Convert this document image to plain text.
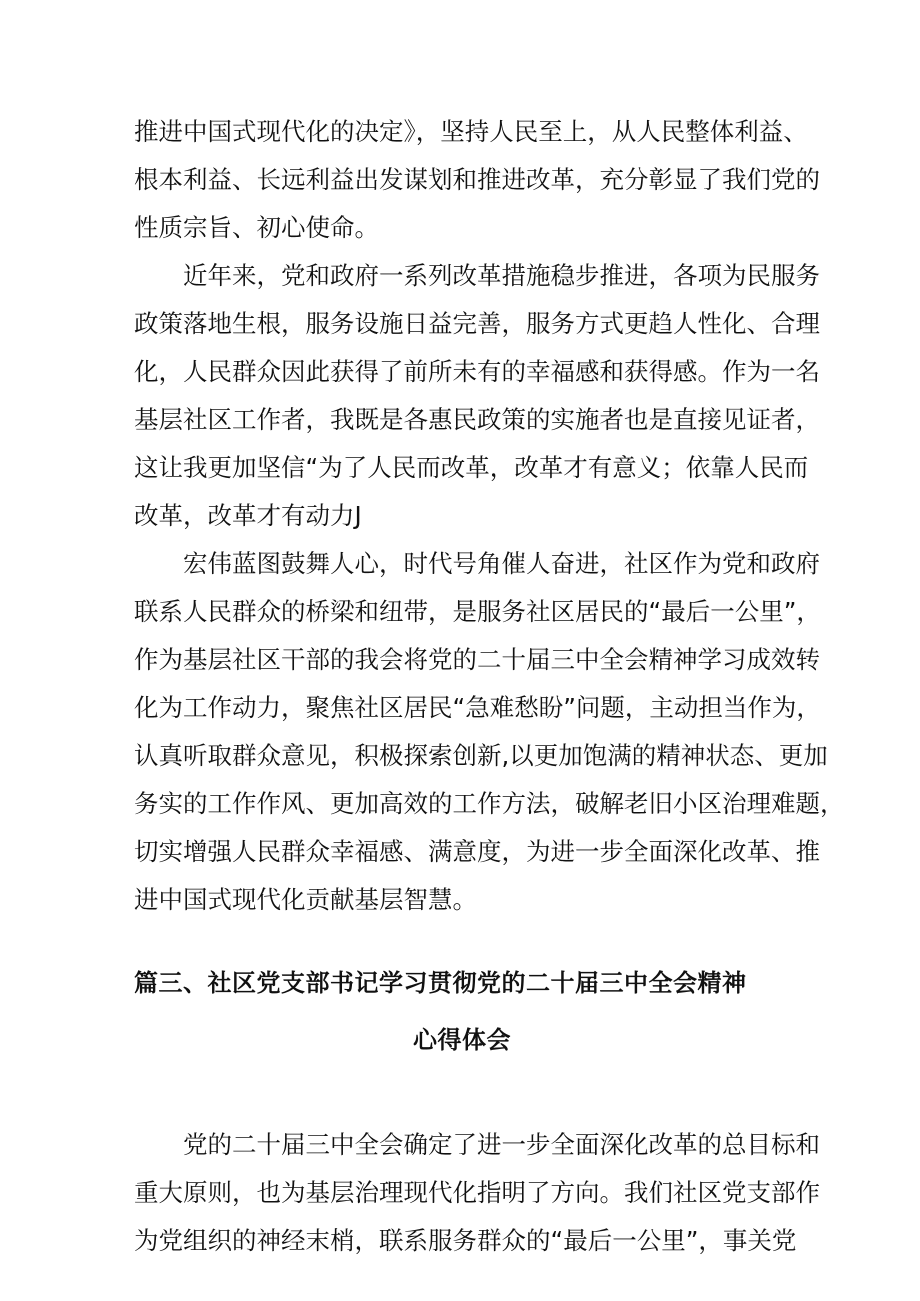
推进中国式现代化的决定》，坚持人民至上，从人民整体利益、
根本利益、长远利益出发谋划和推进改革，充分彰显了我们党的
性质宗旨、初心使命。
近年来，党和政府一系列改革措施稳步推进，各项为民服务
政策落地生根，服务设施日益完善，服务方式更趋人性化、合理
化，人民群众因此获得了前所未有的幸福感和获得感。作为一名
基层社区工作者，我既是各惠民政策的实施者也是直接见证者，
这让我更加坚信“为了人民而改革，改革才有意义；依靠人民而
改革，改革才有动力J
宏伟蓝图鼓舞人心，时代号角催人奋进，社区作为党和政府
联系人民群众的桥梁和纽带，是服务社区居民的“最后一公里”，
作为基层社区干部的我会将党的二十届三中全会精神学习成效转
化为工作动力，聚焦社区居民“急难愁盼”问题，主动担当作为，
认真听取群众意见，积极探索创新,以更加饱满的精神状态、更加
务实的工作作风、更加高效的工作方法，破解老旧小区治理难题，
切实增强人民群众幸福感、满意度，为进一步全面深化改革、推
进中国式现代化贡献基层智慧。
篇三、社区党支部书记学习贯彻党的二十届三中全会精神
心得体会
党的二十届三中全会确定了进一步全面深化改革的总目标和
重大原则，也为基层治理现代化指明了方向。我们社区党支部作
为党组织的神经末梢，联系服务群众的“最后一公里”，事关党
